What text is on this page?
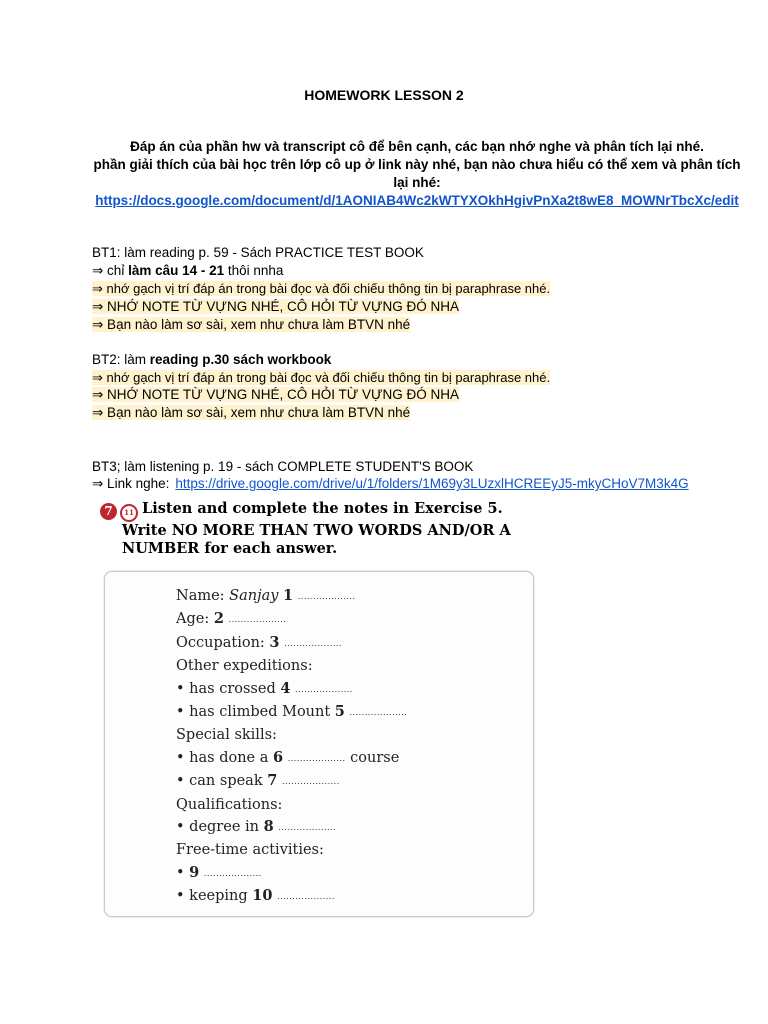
HOMEWORK LESSON 2
Đáp án của phần hw và transcript cô để bên cạnh, các bạn nhớ nghe và phân tích lại nhé.
phần giải thích của bài học trên lớp cô up ở link này nhé, bạn nào chưa hiểu có thể xem và phân tích lại nhé:
https://docs.google.com/document/d/1AONIAB4Wc2kWTYXOkhHgivPnXa2t8wE8_MOWNrTbcXc/edit
BT1: làm reading p. 59 - Sách PRACTICE TEST BOOK
⇒ chỉ làm câu 14 - 21 thôi nnha
⇒ nhớ gạch vị trí đáp án trong bài đọc và đối chiếu thông tin bị paraphrase nhé.
⇒ NHỚ NOTE TỪ VỰNG NHÉ, CÔ HỎI TỪ VỰNG ĐÓ NHA
⇒ Bạn nào làm sơ sài, xem như chưa làm BTVN nhé
BT2: làm reading p.30 sách workbook
⇒ nhớ gạch vị trí đáp án trong bài đọc và đối chiếu thông tin bị paraphrase nhé.
⇒ NHỚ NOTE TỪ VỰNG NHÉ, CÔ HỎI TỪ VỰNG ĐÓ NHA
⇒ Bạn nào làm sơ sài, xem như chưa làm BTVN nhé
BT3; làm listening p. 19 - sách COMPLETE STUDENT'S BOOK
⇒ Link nghe: https://drive.google.com/drive/u/1/folders/1M69y3LUzxlHCREEyJ5-mkyCHoV7M3k4G
7 11 Listen and complete the notes in Exercise 5.
Write NO MORE THAN TWO WORDS AND/OR A
NUMBER for each answer.
Name: Sanjay 1 ...................
Age: 2 ...................
Occupation: 3 ...................
Other expeditions:
• has crossed 4 ...................
• has climbed Mount 5 ...................
Special skills:
• has done a 6 ................... course
• can speak 7 ...................
Qualifications:
• degree in 8 ...................
Free-time activities:
• 9 ...................
• keeping 10 ...................
